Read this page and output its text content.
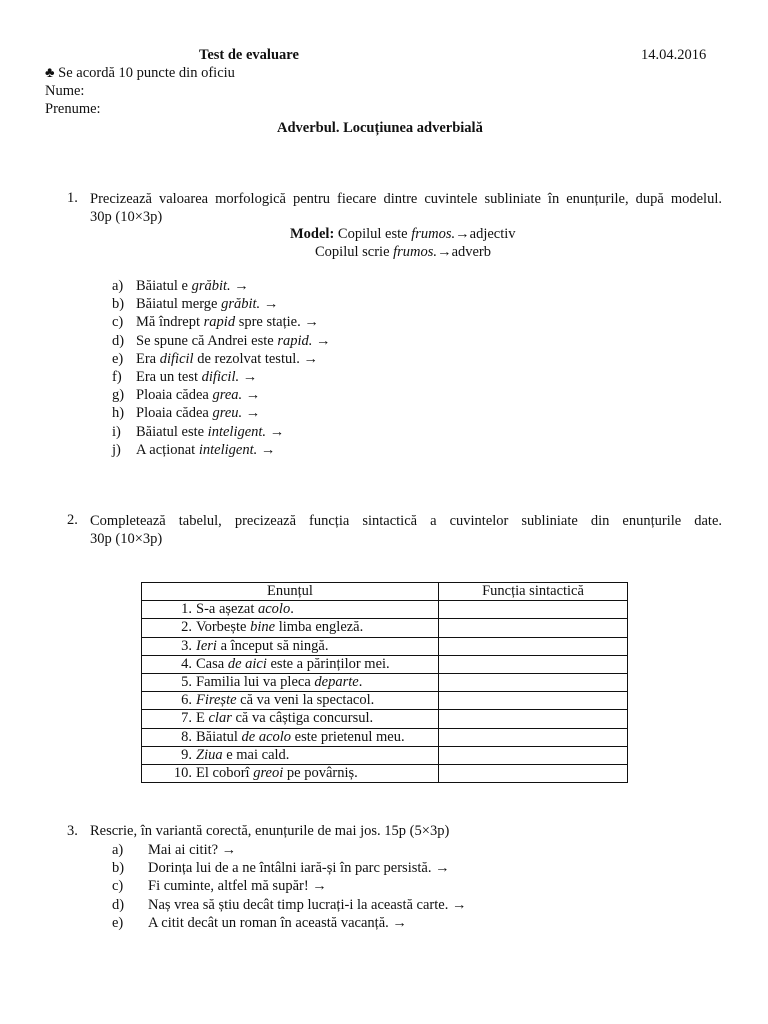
Test de evaluare	14.04.2016
♣ Se acordă 10 puncte din oficiu
Nume:
Prenume:
Adverbul. Locuțiunea adverbială
1. Precizează valoarea morfologică pentru fiecare dintre cuvintele subliniate în enunțurile, după modelul.
30p (10×3p)
Model: Copilul este frumos.→adjectiv
Copilul scrie frumos.→adverb
a) Băiatul e grăbit. →
b) Băiatul merge grăbit. →
c) Mă îndrept rapid spre stație. →
d) Se spune că Andrei este rapid. →
e) Era dificil de rezolvat testul. →
f) Era un test dificil. →
g) Ploaia cădea grea. →
h) Ploaia cădea greu. →
i) Băiatul este inteligent. →
j) A acționat inteligent. →
2. Completează tabelul, precizează funcția sintactică a cuvintelor subliniate din enunțurile date.
30p (10×3p)
Enunțul	Funcția sintactică
1. S-a așezat acolo.	
2. Vorbește bine limba engleză.	
3. Ieri a început să ningă.	
4. Casa de aici este a părinților mei.	
5. Familia lui va pleca departe.	
6. Firește că va veni la spectacol.	
7. E clar că va câștiga concursul.	
8. Băiatul de acolo este prietenul meu.	
9. Ziua e mai cald.	
10. El coborî greoi pe povârniș.	
3. Rescrie, în variantă corectă, enunțurile de mai jos. 15p (5×3p)
a) Mai ai citit? →
b) Dorința lui de a ne întâlni iară-și în parc persistă. →
c) Fi cuminte, altfel mă supăr! →
d) Naș vrea să știu decât timp lucrați-i la această carte. →
e) A citit decât un roman în această vacanță. →
